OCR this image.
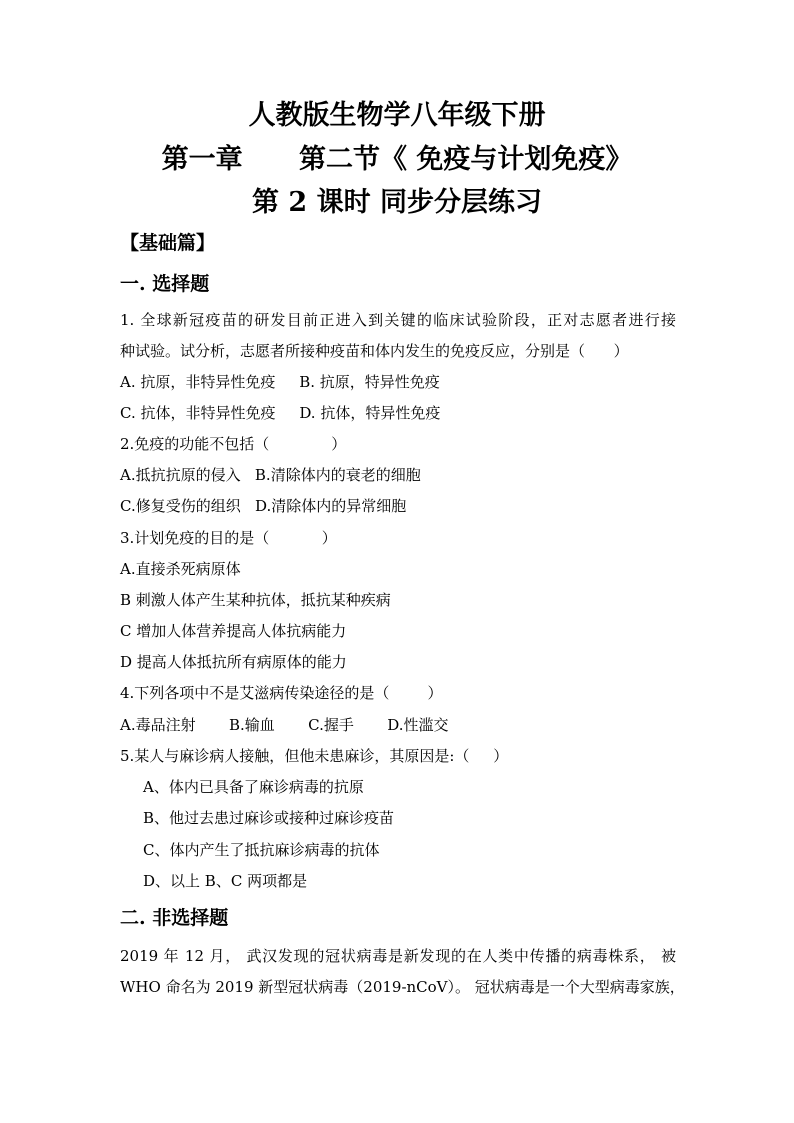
人教版生物学八年级下册
第一章      第二节《 免疫与计划免疫》
第 2 课时 同步分层练习
【基础篇】
一. 选择题
1. 全球新冠疫苗的研发目前正进入到关键的临床试验阶段，正对志愿者进行接
种试验。试分析，志愿者所接种疫苗和体内发生的免疫反应，分别是（      ）
A. 抗原，非特异性免疫     B. 抗原，特异性免疫
C. 抗体，非特异性免疫     D. 抗体，特异性免疫
2.免疫的功能不包括（             ）
A.抵抗抗原的侵入   B.清除体内的衰老的细胞
C.修复受伤的组织   D.清除体内的异常细胞
3.计划免疫的目的是（           ）
A.直接杀死病原体
B 刺激人体产生某种抗体，抵抗某种疾病
C 增加人体营养提高人体抗病能力
D 提高人体抵抗所有病原体的能力
4.下列各项中不是艾滋病传染途径的是（        ）
A.毒品注射       B.输血       C.握手       D.性滥交
5.某人与麻诊病人接触，但他未患麻诊，其原因是:（     ）
A、体内已具备了麻诊病毒的抗原
B、他过去患过麻诊或接种过麻诊疫苗
C、体内产生了抵抗麻诊病毒的抗体
D、以上 B、C 两项都是
二. 非选择题
2019 年 12 月， 武汉发现的冠状病毒是新发现的在人类中传播的病毒株系， 被
WHO 命名为 2019 新型冠状病毒（2019-nCoV）。 冠状病毒是一个大型病毒家族，
